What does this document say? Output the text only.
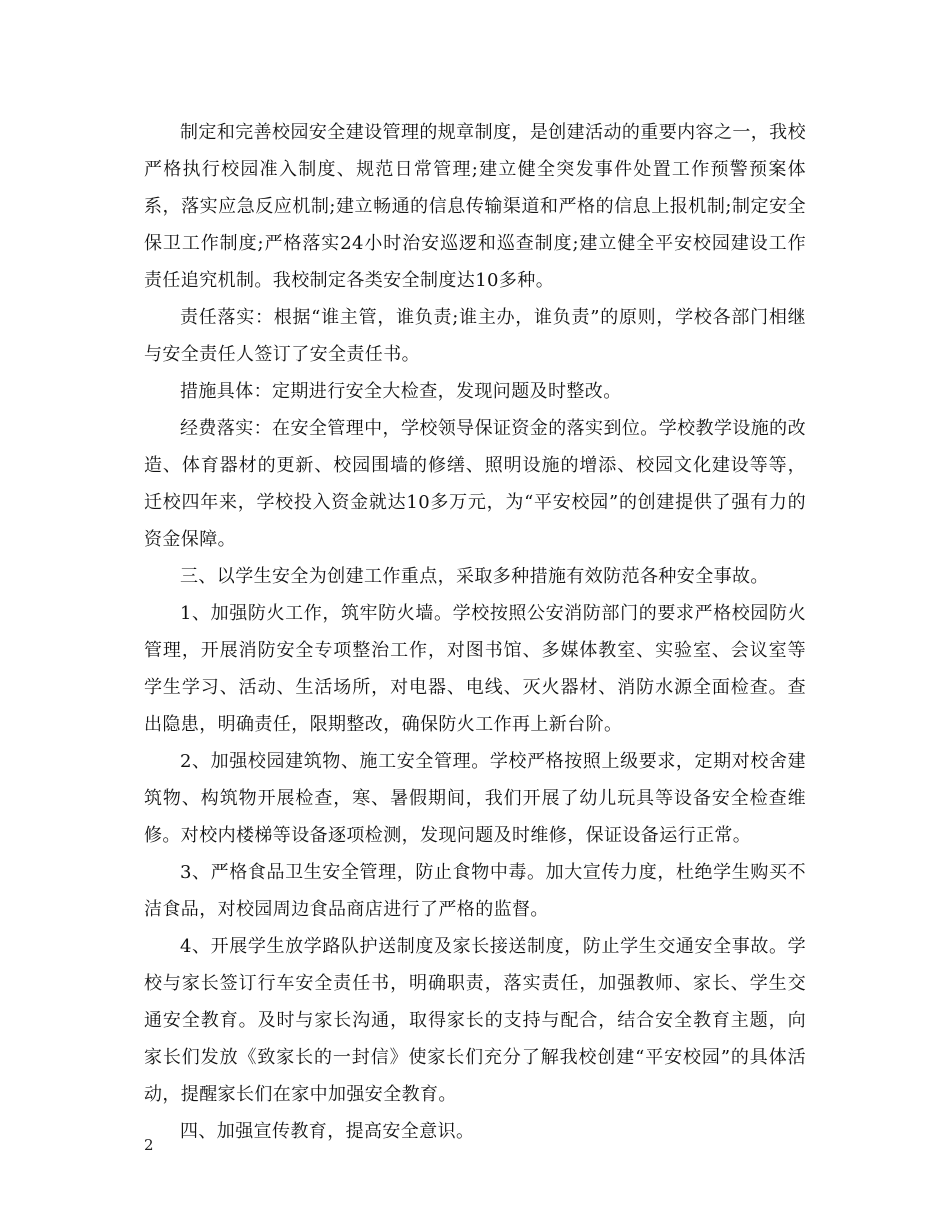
制定和完善校园安全建设管理的规章制度，是创建活动的重要内容之一，我校严格执行校园准入制度、规范日常管理;建立健全突发事件处置工作预警预案体系，落实应急反应机制;建立畅通的信息传输渠道和严格的信息上报机制;制定安全保卫工作制度;严格落实24小时治安巡逻和巡查制度;建立健全平安校园建设工作责任追究机制。我校制定各类安全制度达10多种。

责任落实：根据“谁主管，谁负责;谁主办，谁负责”的原则，学校各部门相继与安全责任人签订了安全责任书。

措施具体：定期进行安全大检查，发现问题及时整改。

经费落实：在安全管理中，学校领导保证资金的落实到位。学校教学设施的改造、体育器材的更新、校园围墙的修缮、照明设施的增添、校园文化建设等等，迁校四年来，学校投入资金就达10多万元，为“平安校园”的创建提供了强有力的资金保障。

三、以学生安全为创建工作重点，采取多种措施有效防范各种安全事故。

1、加强防火工作，筑牢防火墙。学校按照公安消防部门的要求严格校园防火管理，开展消防安全专项整治工作，对图书馆、多媒体教室、实验室、会议室等学生学习、活动、生活场所，对电器、电线、灭火器材、消防水源全面检查。查出隐患，明确责任，限期整改，确保防火工作再上新台阶。

2、加强校园建筑物、施工安全管理。学校严格按照上级要求，定期对校舍建筑物、构筑物开展检查，寒、暑假期间，我们开展了幼儿玩具等设备安全检查维修。对校内楼梯等设备逐项检测，发现问题及时维修，保证设备运行正常。

3、严格食品卫生安全管理，防止食物中毒。加大宣传力度，杜绝学生购买不洁食品，对校园周边食品商店进行了严格的监督。

4、开展学生放学路队护送制度及家长接送制度，防止学生交通安全事故。学校与家长签订行车安全责任书，明确职责，落实责任，加强教师、家长、学生交通安全教育。及时与家长沟通，取得家长的支持与配合，结合安全教育主题，向家长们发放《致家长的一封信》使家长们充分了解我校创建“平安校园”的具体活动，提醒家长们在家中加强安全教育。

四、加强宣传教育，提高安全意识。

2
